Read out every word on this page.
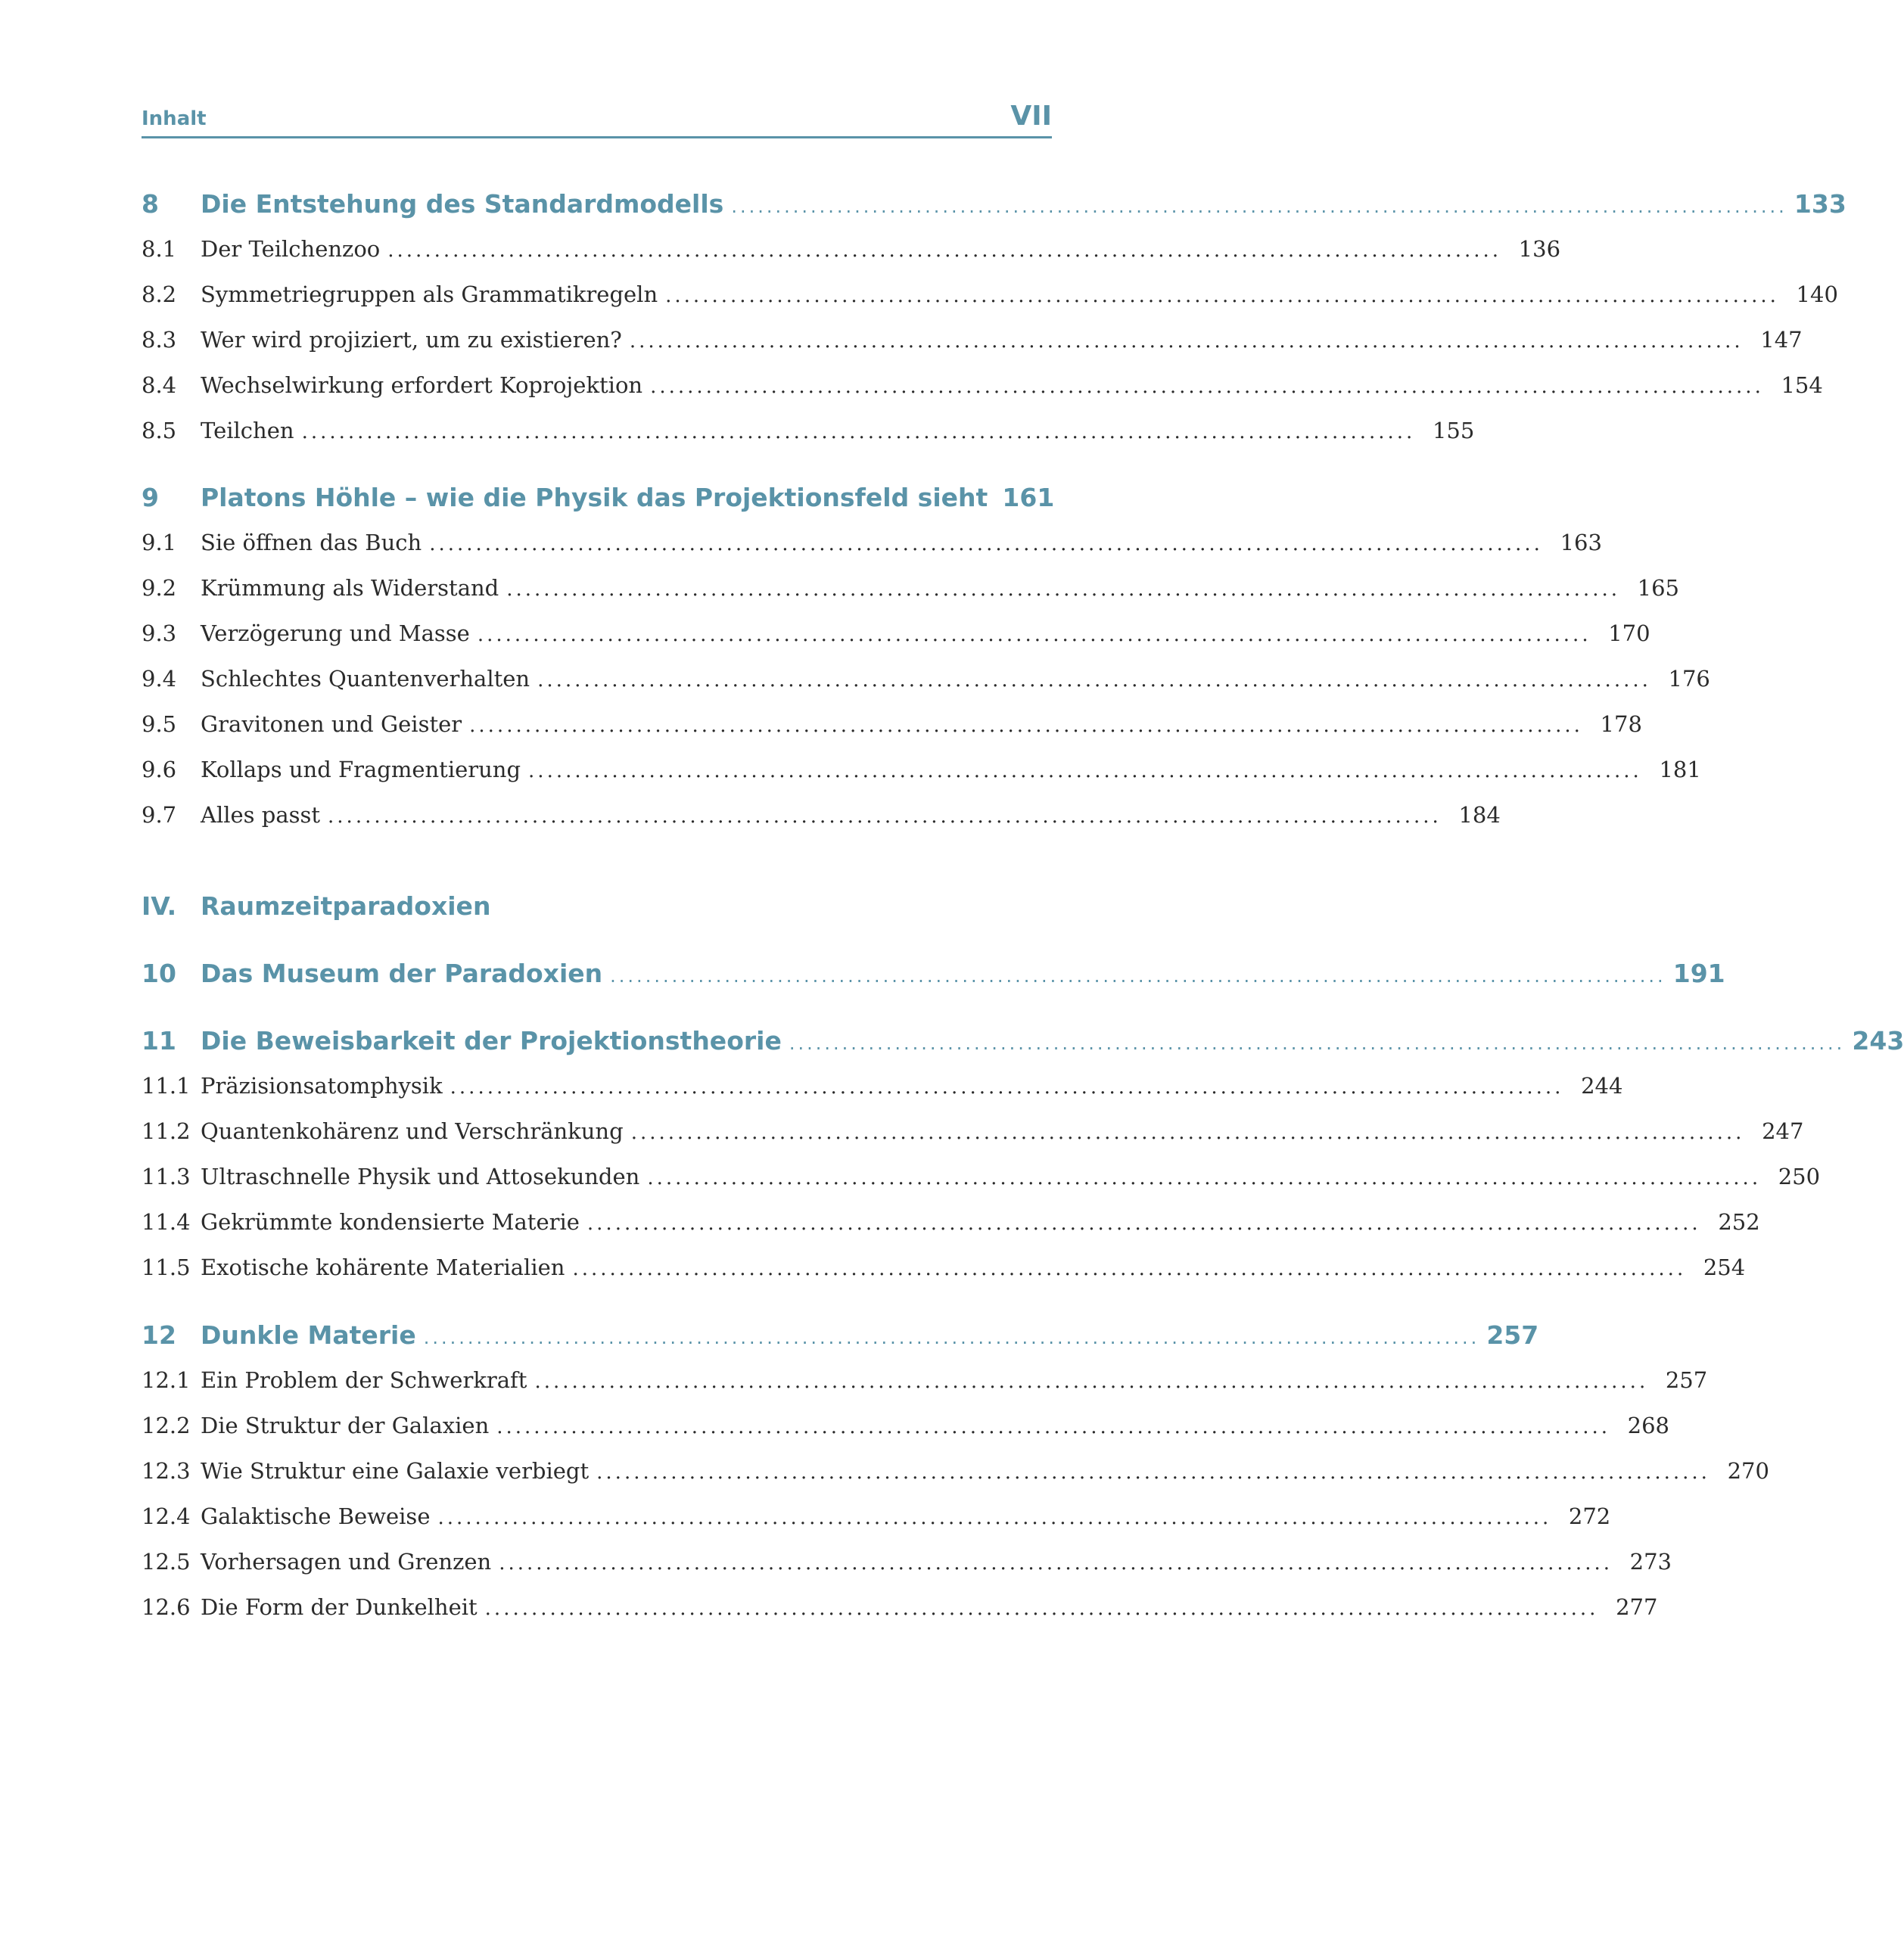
Inhalt	VII
8	Die Entstehung des Standardmodells ........................................................................................................................ 133
8.1	Der Teilchenzoo ........................................................................................................................ 136
8.2	Symmetriegruppen als Grammatikregeln ........................................................................................................................ 140
8.3	Wer wird projiziert, um zu existieren? ........................................................................................................................ 147
8.4	Wechselwirkung erfordert Koprojektion ........................................................................................................................ 154
8.5	Teilchen ........................................................................................................................ 155
9	Platons Höhle – wie die Physik das Projektionsfeld sieht 161
9.1	Sie öffnen das Buch ........................................................................................................................ 163
9.2	Krümmung als Widerstand ........................................................................................................................ 165
9.3	Verzögerung und Masse ........................................................................................................................ 170
9.4	Schlechtes Quantenverhalten ........................................................................................................................ 176
9.5	Gravitonen und Geister ........................................................................................................................ 178
9.6	Kollaps und Fragmentierung ........................................................................................................................ 181
9.7	Alles passt ........................................................................................................................ 184
IV. Raumzeitparadoxien
10 Das Museum der Paradoxien ........................................................................................................................ 191
11 Die Beweisbarkeit der Projektionstheorie ........................................................................................................................ 243
11.1 Präzisionsatomphysik ........................................................................................................................ 244
11.2 Quantenkohärenz und Verschränkung ........................................................................................................................ 247
11.3 Ultraschnelle Physik und Attosekunden ........................................................................................................................ 250
11.4 Gekrümmte kondensierte Materie ........................................................................................................................ 252
11.5 Exotische kohärente Materialien ........................................................................................................................ 254
12 Dunkle Materie ........................................................................................................................ 257
12.1 Ein Problem der Schwerkraft ........................................................................................................................ 257
12.2 Die Struktur der Galaxien ........................................................................................................................ 268
12.3 Wie Struktur eine Galaxie verbiegt ........................................................................................................................ 270
12.4 Galaktische Beweise ........................................................................................................................ 272
12.5 Vorhersagen und Grenzen ........................................................................................................................ 273
12.6 Die Form der Dunkelheit ........................................................................................................................ 277
